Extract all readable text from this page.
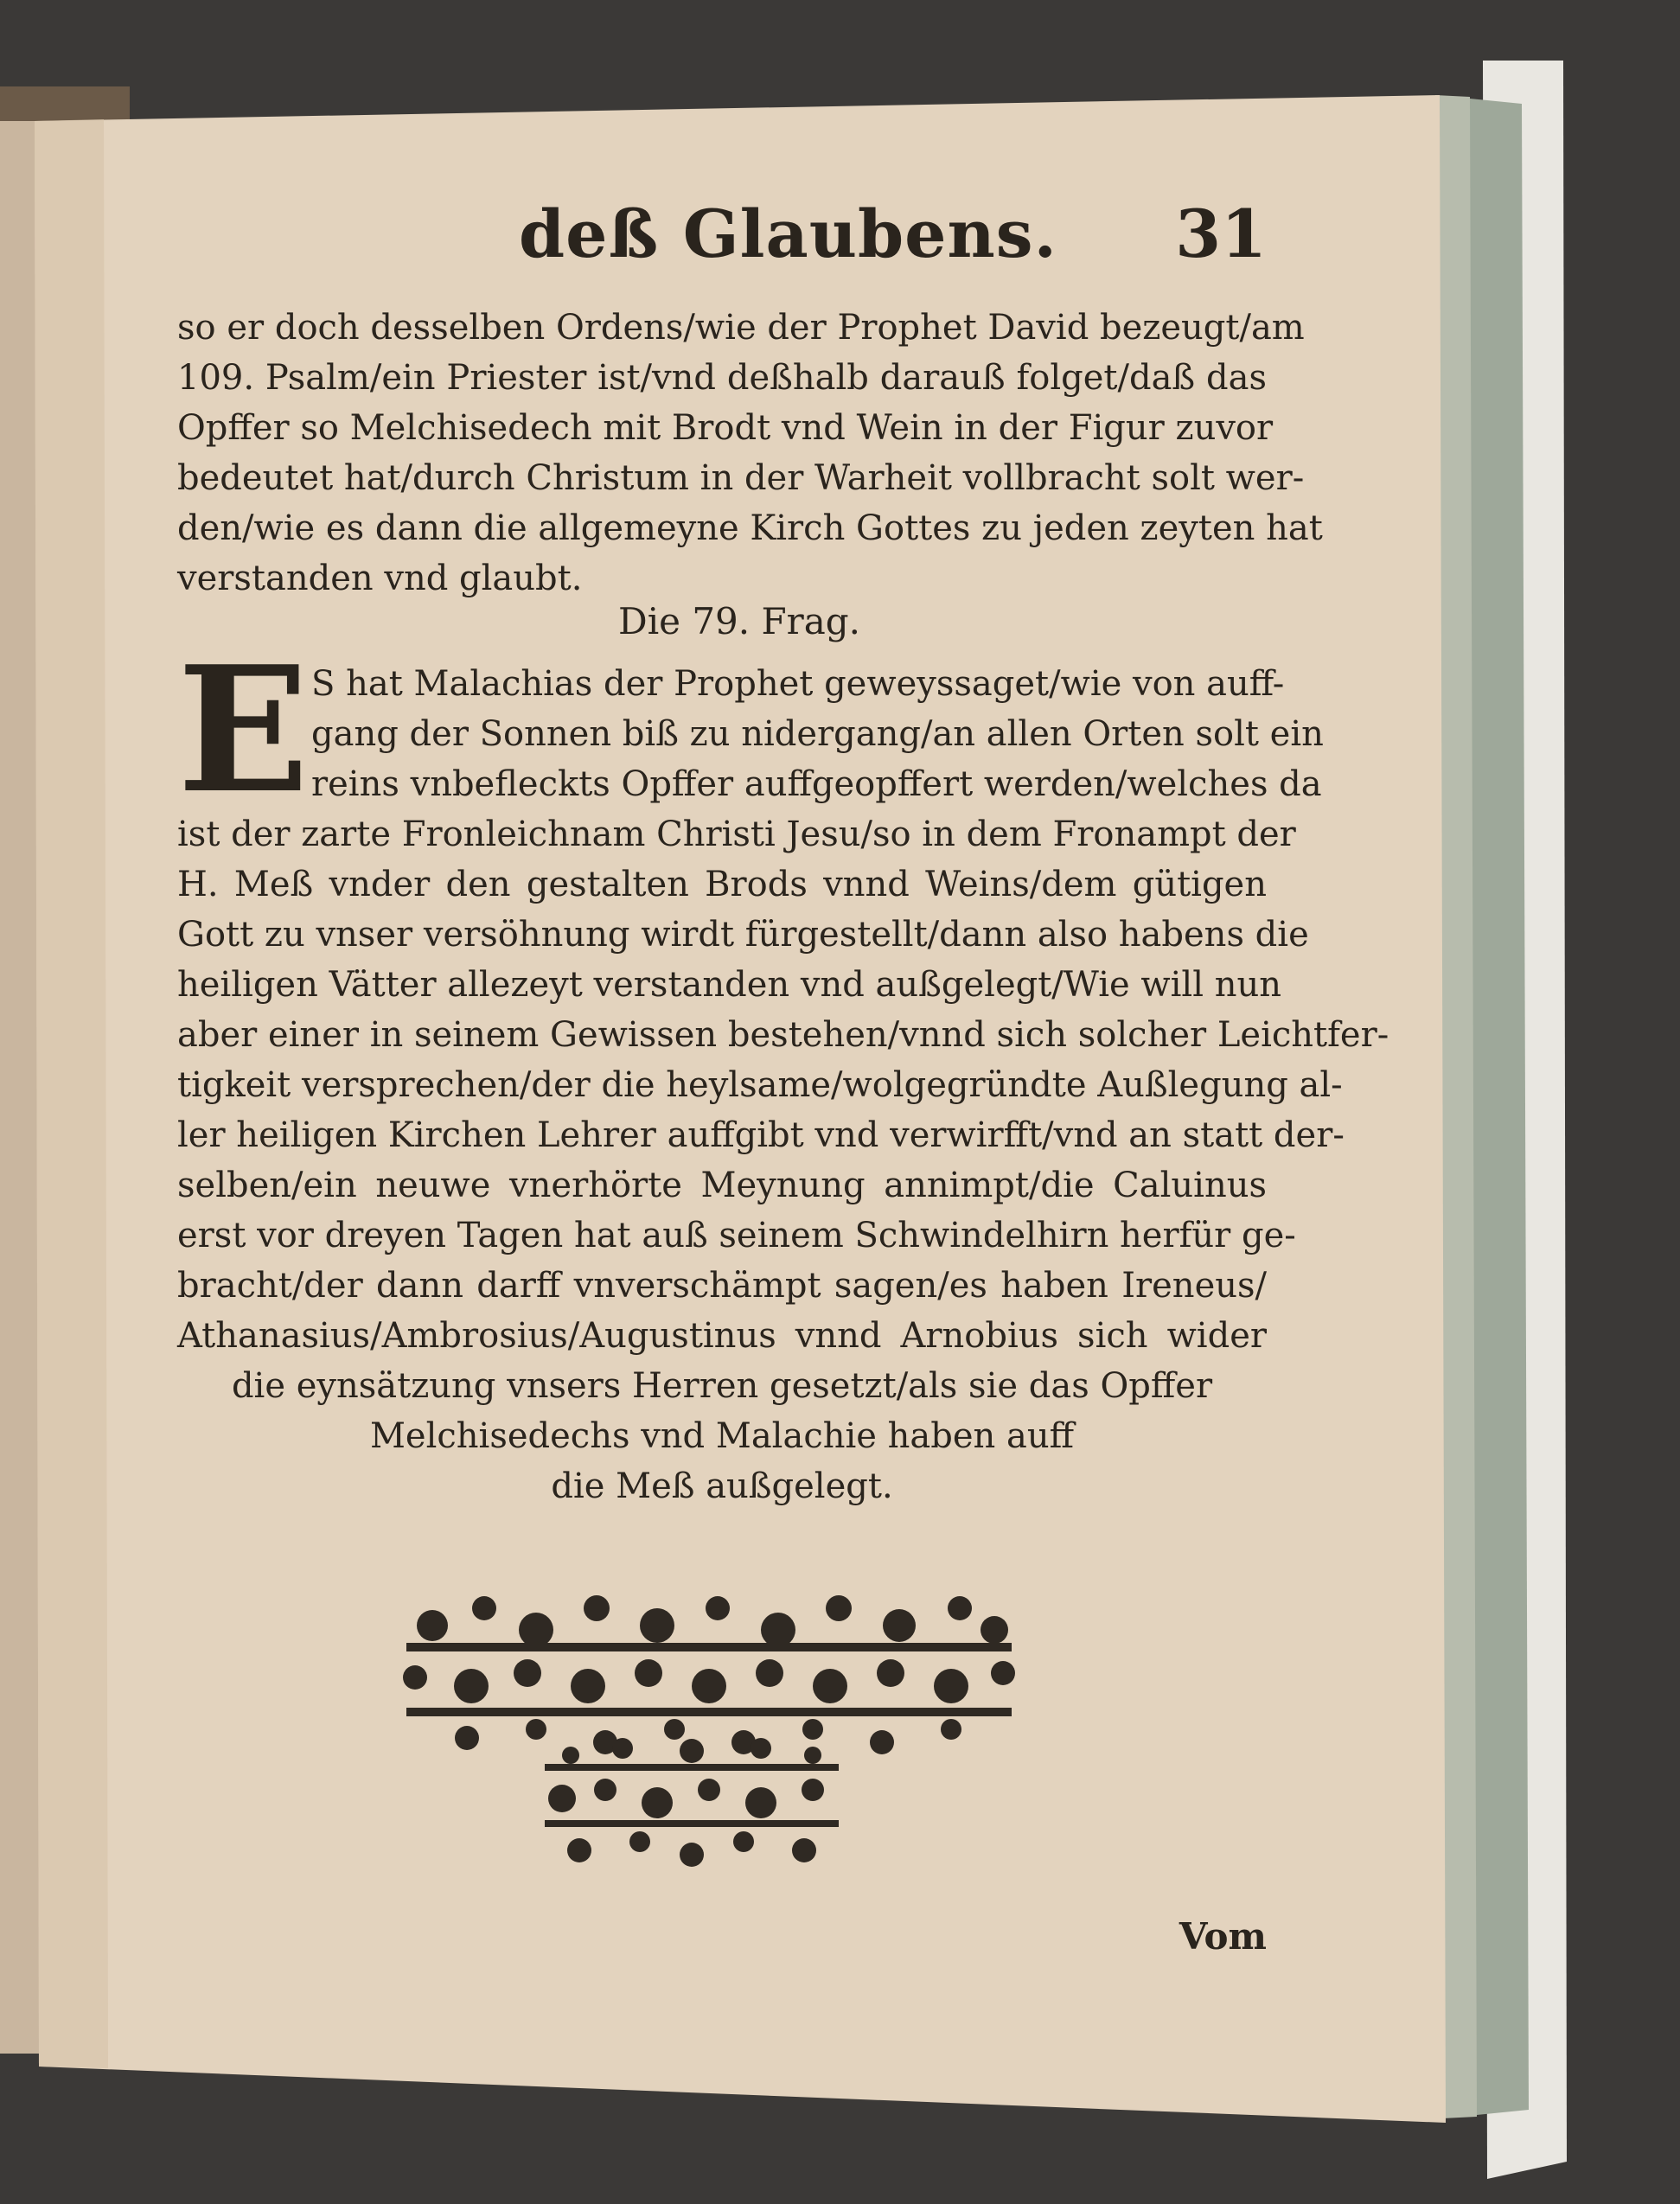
deß Glaubens. 31
so er doch desselben Ordens/wie der Prophet David bezeugt/am
109. Psalm/ein Priester ist/vnd deßhalb darauß folget/daß das
Opffer so Melchisedech mit Brodt vnd Wein in der Figur zuvor
bedeutet hat/durch Christum in der Warheit vollbracht solt wer-
den/wie es dann die allgemeyne Kirch Gottes zu jeden zeyten hat
verstanden vnd glaubt.
Die 79. Frag.
E S hat Malachias der Prophet geweyssaget/wie von auff-
gang der Sonnen biß zu nidergang/an allen Orten solt ein
reins vnbefleckts Opffer auffgeopffert werden/welches da
ist der zarte Fronleichnam Christi Jesu/so in dem Fronampt der
H. Meß vnder den gestalten Brods vnnd Weins/dem gütigen
Gott zu vnser versöhnung wirdt fürgestellt/dann also habens die
heiligen Vätter allezeyt verstanden vnd außgelegt/Wie will nun
aber einer in seinem Gewissen bestehen/vnnd sich solcher Leichtfer-
tigkeit versprechen/der die heylsame/wolgegründte Außlegung al-
ler heiligen Kirchen Lehrer auffgibt vnd verwirfft/vnd an statt der-
selben/ein neuwe vnerhörte Meynung annimpt/die Caluinus
erst vor dreyen Tagen hat auß seinem Schwindelhirn herfür ge-
bracht/der dann darff vnverschämpt sagen/es haben Ireneus/
Athanasius/Ambrosius/Augustinus vnnd Arnobius sich wider
die eynsätzung vnsers Herren gesetzt/als sie das Opffer
Melchisedechs vnd Malachie haben auff
die Meß außgelegt.
Vom
